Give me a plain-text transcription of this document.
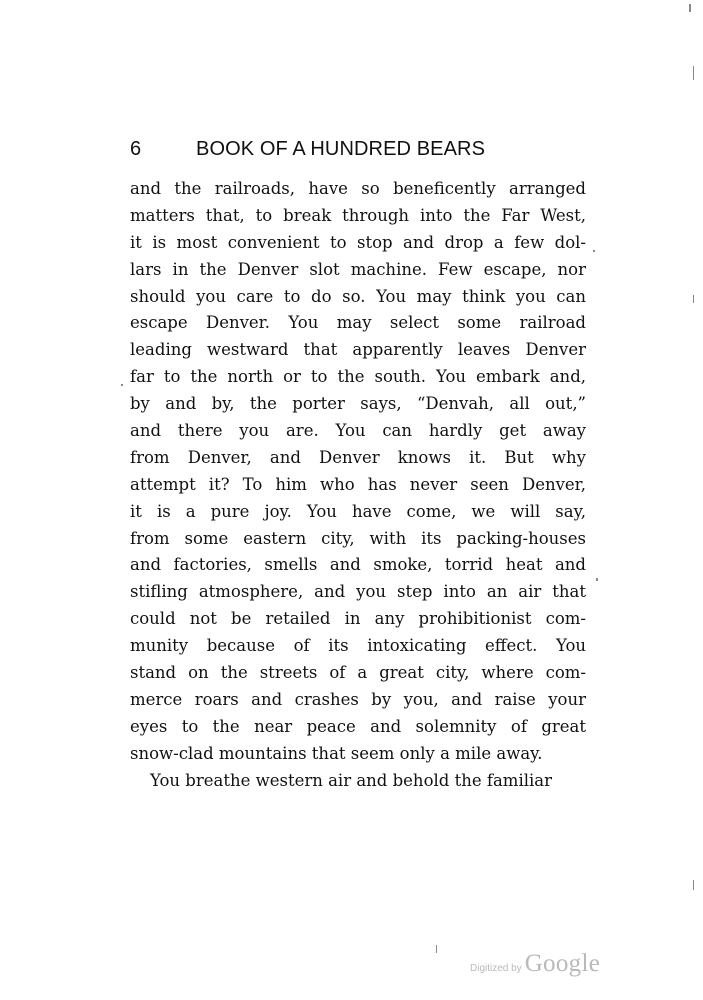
6	BOOK OF A HUNDRED BEARS
and the railroads, have so beneficently arranged
matters that, to break through into the Far West,
it is most convenient to stop and drop a few dol-
lars in the Denver slot machine. Few escape, nor
should you care to do so. You may think you can
escape Denver. You may select some railroad
leading westward that apparently leaves Denver
far to the north or to the south. You embark and,
by and by, the porter says, “Denvah, all out,”
and there you are. You can hardly get away
from Denver, and Denver knows it. But why
attempt it? To him who has never seen Denver,
it is a pure joy. You have come, we will say,
from some eastern city, with its packing-houses
and factories, smells and smoke, torrid heat and
stifling atmosphere, and you step into an air that
could not be retailed in any prohibitionist com-
munity because of its intoxicating effect. You
stand on the streets of a great city, where com-
merce roars and crashes by you, and raise your
eyes to the near peace and solemnity of great
snow-clad mountains that seem only a mile away.
You breathe western air and behold the familiar
Digitized by Google
